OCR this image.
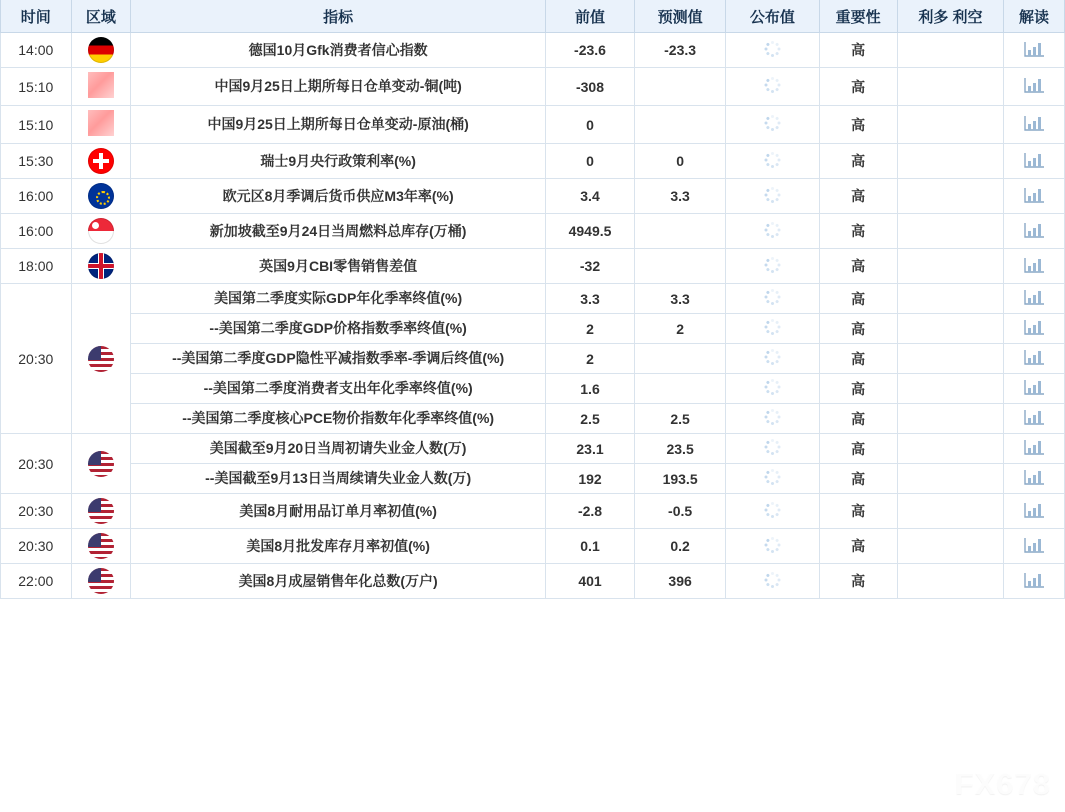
时间	区域	指标	前值	预测值	公布值	重要性	利多 利空	解读
14:00		德国10月Gfk消费者信心指数	-23.6	-23.3		高		

15:10		中国9月25日上期所每日仓单变动-铜(吨)	-308			高		

15:10		中国9月25日上期所每日仓单变动-原油(桶)	0			高		

15:30		瑞士9月央行政策利率(%)	0	0		高		

16:00		欧元区8月季调后货币供应M3年率(%)	3.4	3.3		高		

16:00		新加坡截至9月24日当周燃料总库存(万桶)	4949.5			高		

18:00		英国9月CBI零售销售差值	-32			高		

20:30		美国第二季度实际GDP年化季率终值(%)	3.3	3.3		高		

		--美国第二季度GDP价格指数季率终值(%)	2	2		高		

		--美国第二季度GDP隐性平减指数季率-季调后终值(%)	2			高		

		--美国第二季度消费者支出年化季率终值(%)	1.6			高		

		--美国第二季度核心PCE物价指数年化季率终值(%)	2.5	2.5		高		

20:30		美国截至9月20日当周初请失业金人数(万)	23.1	23.5		高		

		--美国截至9月13日当周续请失业金人数(万)	192	193.5		高		

20:30		美国8月耐用品订单月率初值(%)	-2.8	-0.5		高		

20:30		美国8月批发库存月率初值(%)	0.1	0.2		高		

22:00		美国8月成屋销售年化总数(万户)	401	396		高		
FX678
